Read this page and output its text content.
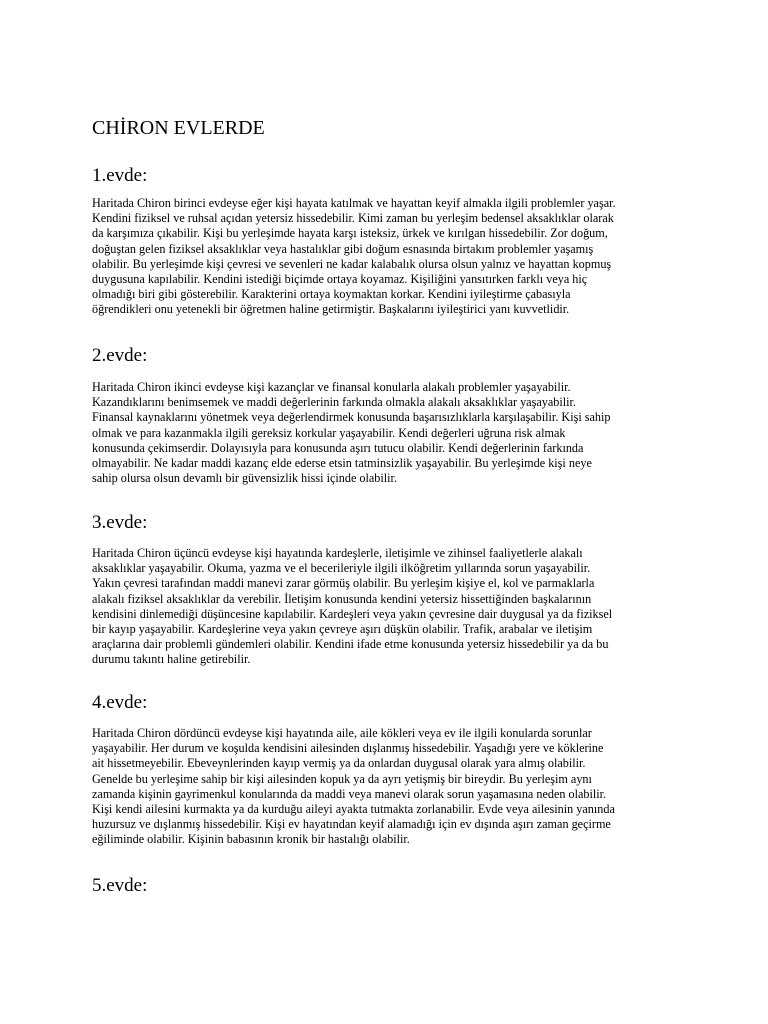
CHİRON EVLERDE
1.evde:
Haritada Chiron birinci evdeyse eğer kişi hayata katılmak ve hayattan keyif almakla ilgili problemler yaşar.
Kendini fiziksel ve ruhsal açıdan yetersiz hissedebilir. Kimi zaman bu yerleşim bedensel aksaklıklar olarak
da karşımıza çıkabilir. Kişi bu yerleşimde hayata karşı isteksiz, ürkek ve kırılgan hissedebilir. Zor doğum,
doğuştan gelen fiziksel aksaklıklar veya hastalıklar gibi doğum esnasında birtakım problemler yaşamış
olabilir. Bu yerleşimde kişi çevresi ve sevenleri ne kadar kalabalık olursa olsun yalnız ve hayattan kopmuş
duygusuna kapılabilir. Kendini istediği biçimde ortaya koyamaz. Kişiliğini yansıtırken farklı veya hiç
olmadığı biri gibi gösterebilir. Karakterini ortaya koymaktan korkar. Kendini iyileştirme çabasıyla
öğrendikleri onu yetenekli bir öğretmen haline getirmiştir. Başkalarını iyileştirici yanı kuvvetlidir.
2.evde:
Haritada Chiron ikinci evdeyse kişi kazançlar ve finansal konularla alakalı problemler yaşayabilir.
Kazandıklarını benimsemek ve maddi değerlerinin farkında olmakla alakalı aksaklıklar yaşayabilir.
Finansal kaynaklarını yönetmek veya değerlendirmek konusunda başarısızlıklarla karşılaşabilir. Kişi sahip
olmak ve para kazanmakla ilgili gereksiz korkular yaşayabilir. Kendi değerleri uğruna risk almak
konusunda çekimserdir. Dolayısıyla para konusunda aşırı tutucu olabilir. Kendi değerlerinin farkında
olmayabilir. Ne kadar maddi kazanç elde ederse etsin tatminsizlik yaşayabilir. Bu yerleşimde kişi neye
sahip olursa olsun devamlı bir güvensizlik hissi içinde olabilir.
3.evde:
Haritada Chiron üçüncü evdeyse kişi hayatında kardeşlerle, iletişimle ve zihinsel faaliyetlerle alakalı
aksaklıklar yaşayabilir. Okuma, yazma ve el becerileriyle ilgili ilköğretim yıllarında sorun yaşayabilir.
Yakın çevresi tarafından maddi manevi zarar görmüş olabilir. Bu yerleşim kişiye el, kol ve parmaklarla
alakalı fiziksel aksaklıklar da verebilir. İletişim konusunda kendini yetersiz hissettiğinden başkalarının
kendisini dinlemediği düşüncesine kapılabilir. Kardeşleri veya yakın çevresine dair duygusal ya da fiziksel
bir kayıp yaşayabilir. Kardeşlerine veya yakın çevreye aşırı düşkün olabilir. Trafik, arabalar ve iletişim
araçlarına dair problemli gündemleri olabilir. Kendini ifade etme konusunda yetersiz hissedebilir ya da bu
durumu takıntı haline getirebilir.
4.evde:
Haritada Chiron dördüncü evdeyse kişi hayatında aile, aile kökleri veya ev ile ilgili konularda sorunlar
yaşayabilir. Her durum ve koşulda kendisini ailesinden dışlanmış hissedebilir. Yaşadığı yere ve köklerine
ait hissetmeyebilir. Ebeveynlerinden kayıp vermiş ya da onlardan duygusal olarak yara almış olabilir.
Genelde bu yerleşime sahip bir kişi ailesinden kopuk ya da ayrı yetişmiş bir bireydir. Bu yerleşim aynı
zamanda kişinin gayrimenkul konularında da maddi veya manevi olarak sorun yaşamasına neden olabilir.
Kişi kendi ailesini kurmakta ya da kurduğu aileyi ayakta tutmakta zorlanabilir. Evde veya ailesinin yanında
huzursuz ve dışlanmış hissedebilir. Kişi ev hayatından keyif alamadığı için ev dışında aşırı zaman geçirme
eğiliminde olabilir. Kişinin babasının kronik bir hastalığı olabilir.
5.evde:
